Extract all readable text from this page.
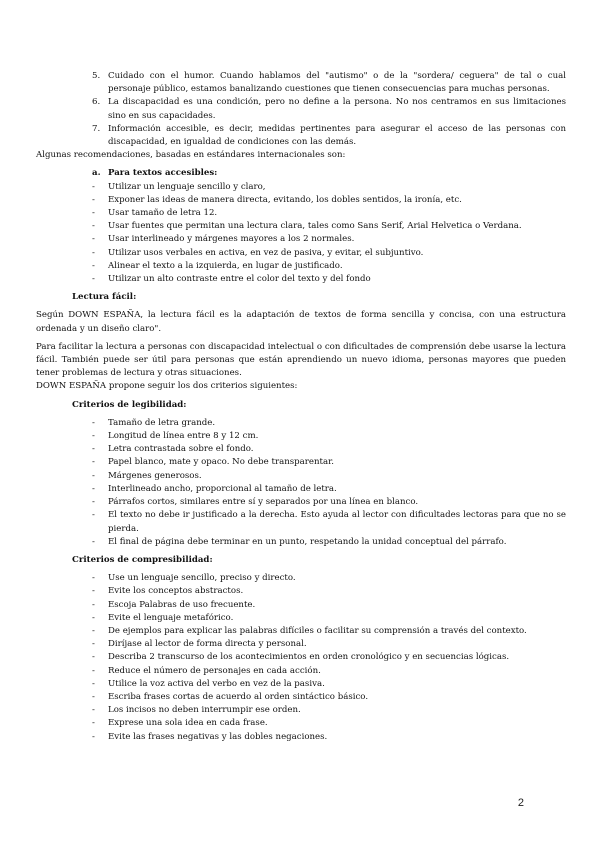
5. Cuidado con el humor. Cuando hablamos del "autismo" o de la "sordera/ ceguera" de tal o cual personaje público, estamos banalizando cuestiones que tienen consecuencias para muchas personas.
6. La discapacidad es una condición, pero no define a la persona. No nos centramos en sus limitaciones sino en sus capacidades.
7. Información accesible, es decir, medidas pertinentes para asegurar el acceso de las personas con discapacidad, en igualdad de condiciones con las demás.

Algunas recomendaciones, basadas en estándares internacionales son:

a. Para textos accesibles:
- Utilizar un lenguaje sencillo y claro,
- Exponer las ideas de manera directa, evitando, los dobles sentidos, la ironía, etc.
- Usar tamaño de letra 12.
- Usar fuentes que permitan una lectura clara, tales como Sans Serif, Arial Helvetica o Verdana.
- Usar interlineado y márgenes mayores a los 2 normales.
- Utilizar usos verbales en activa, en vez de pasiva, y evitar, el subjuntivo.
- Alinear el texto a la izquierda, en lugar de justificado.
- Utilizar un alto contraste entre el color del texto y del fondo
Lectura fácil:

Según DOWN ESPAÑA, la lectura fácil es la adaptación de textos de forma sencilla y concisa, con una estructura ordenada y un diseño claro".

Para facilitar la lectura a personas con discapacidad intelectual o con dificultades de comprensión debe usarse la lectura fácil. También puede ser útil para personas que están aprendiendo un nuevo idioma, personas mayores que pueden tener problemas de lectura y otras situaciones.

DOWN ESPAÑA propone seguir los dos criterios siguientes:

Criterios de legibilidad:
- Tamaño de letra grande.
- Longitud de línea entre 8 y 12 cm.
- Letra contrastada sobre el fondo.
- Papel blanco, mate y opaco. No debe transparentar.
- Márgenes generosos.
- Interlineado ancho, proporcional al tamaño de letra.
- Párrafos cortos, similares entre sí y separados por una línea en blanco.
- El texto no debe ir justificado a la derecha. Esto ayuda al lector con dificultades lectoras para que no se pierda.
- El final de página debe terminar en un punto, respetando la unidad conceptual del párrafo.
Criterios de compresibilidad:
- Use un lenguaje sencillo, preciso y directo.
- Evite los conceptos abstractos.
- Escoja Palabras de uso frecuente.
- Evite el lenguaje metafórico.
- De ejemplos para explicar las palabras difíciles o facilitar su comprensión a través del contexto.
- Diríjase al lector de forma directa y personal.
- Describa 2 transcurso de los acontecimientos en orden cronológico y en secuencias lógicas.
- Reduce el número de personajes en cada acción.
- Utilice la voz activa del verbo en vez de la pasiva.
- Escriba frases cortas de acuerdo al orden sintáctico básico.
- Los incisos no deben interrumpir ese orden.
- Exprese una sola idea en cada frase.
- Evite las frases negativas y las dobles negaciones.
2
